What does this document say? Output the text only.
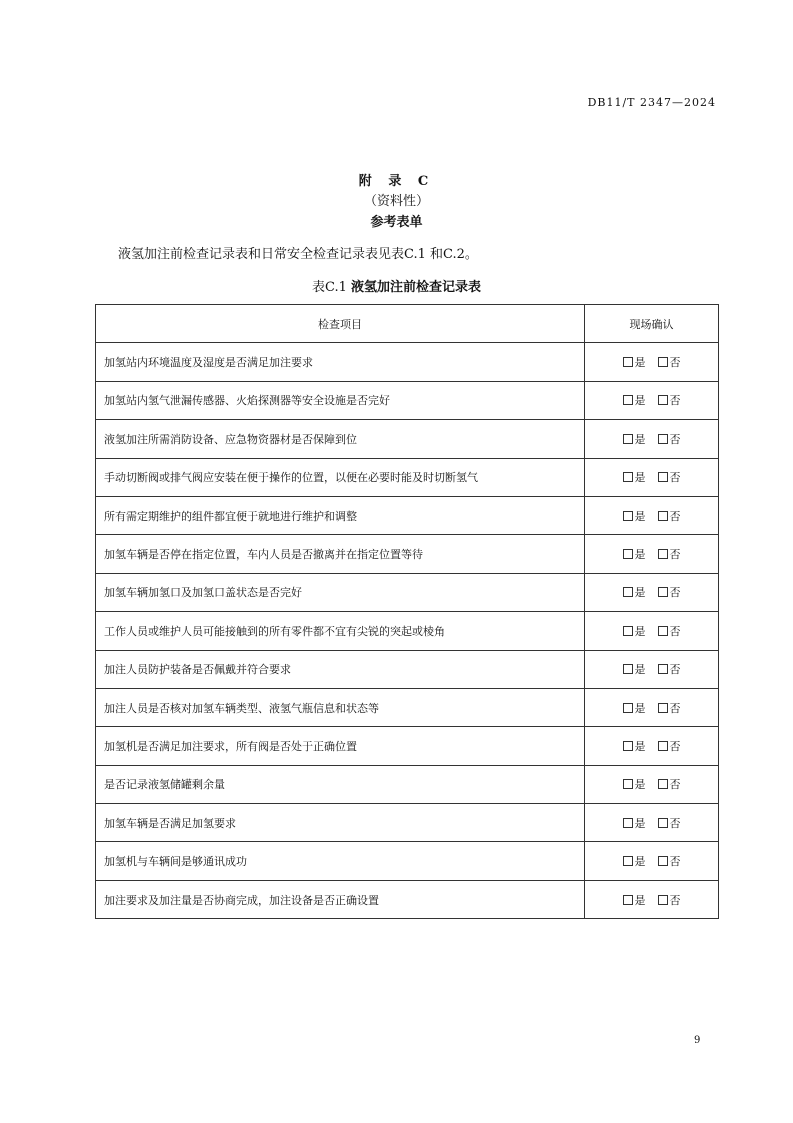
DB11/T 2347—2024
附 录 C
（资料性）
参考表单
液氢加注前检查记录表和日常安全检查记录表见表C.1 和C.2。
表C.1 液氢加注前检查记录表
检查项目	现场确认
加氢站内环境温度及湿度是否满足加注要求	是 否
加氢站内氢气泄漏传感器、火焰探测器等安全设施是否完好	是 否
液氢加注所需消防设备、应急物资器材是否保障到位	是 否
手动切断阀或排气阀应安装在便于操作的位置，以便在必要时能及时切断氢气	是 否
所有需定期维护的组件都宜便于就地进行维护和调整	是 否
加氢车辆是否停在指定位置，车内人员是否撤离并在指定位置等待	是 否
加氢车辆加氢口及加氢口盖状态是否完好	是 否
工作人员或维护人员可能接触到的所有零件都不宜有尖锐的突起或棱角	是 否
加注人员防护装备是否佩戴并符合要求	是 否
加注人员是否核对加氢车辆类型、液氢气瓶信息和状态等	是 否
加氢机是否满足加注要求，所有阀是否处于正确位置	是 否
是否记录液氢储罐剩余量	是 否
加氢车辆是否满足加氢要求	是 否
加氢机与车辆间是够通讯成功	是 否
加注要求及加注量是否协商完成，加注设备是否正确设置	是 否
9
